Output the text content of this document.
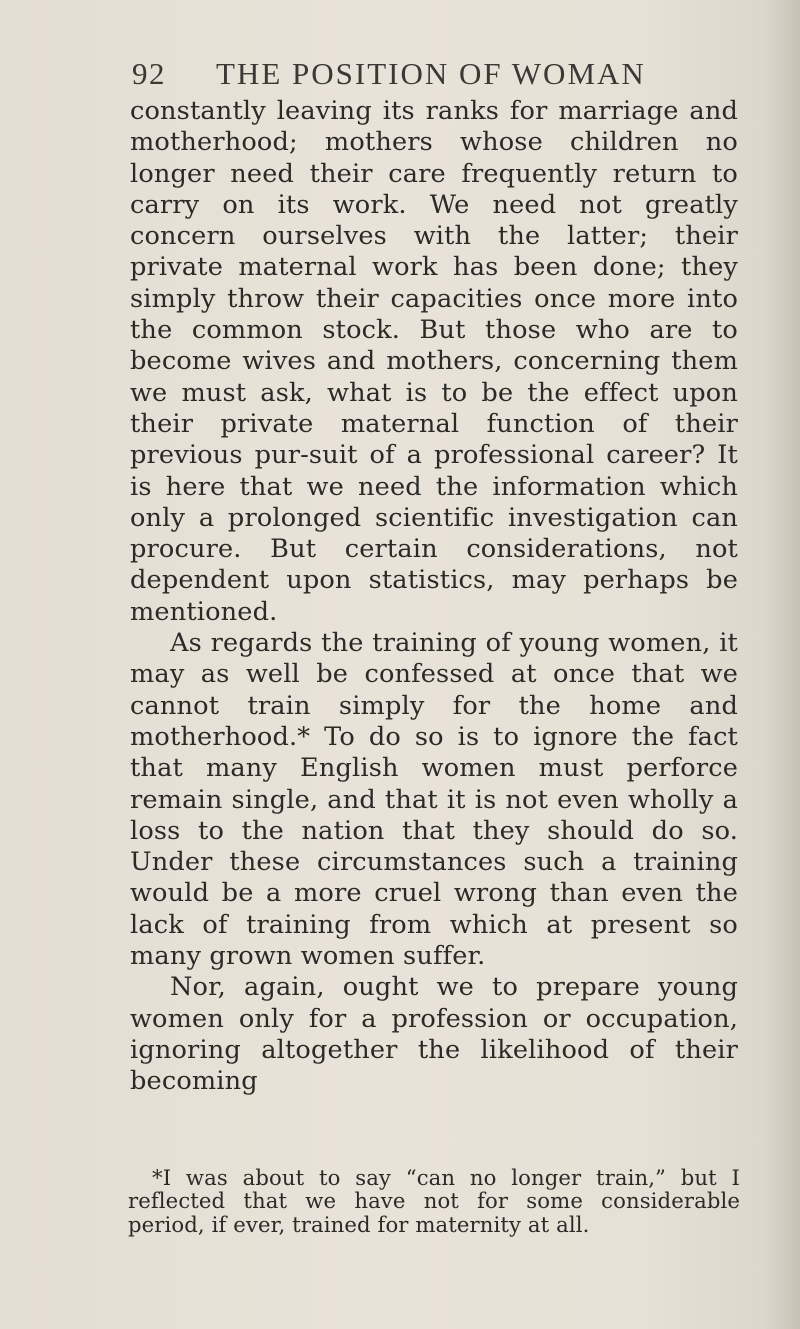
92	THE POSITION OF WOMAN

constantly leaving its ranks for marriage and motherhood; mothers whose children no longer need their care frequently return to carry on its work. We need not greatly concern ourselves with the latter; their private maternal work has been done; they simply throw their capacities once more into the common stock. But those who are to become wives and mothers, concerning them we must ask, what is to be the effect upon their private maternal function of their previous pur-suit of a professional career? It is here that we need the information which only a prolonged scientific investigation can procure. But certain considerations, not dependent upon statistics, may perhaps be mentioned.

As regards the training of young women, it may as well be confessed at once that we cannot train simply for the home and motherhood.* To do so is to ignore the fact that many English women must perforce remain single, and that it is not even wholly a loss to the nation that they should do so. Under these circumstances such a training would be a more cruel wrong than even the lack of training from which at present so many grown women suffer.

Nor, again, ought we to prepare young women only for a profession or occupation, ignoring altogether the likelihood of their becoming

*I was about to say “can no longer train,” but I reflected that we have not for some considerable period, if ever, trained for maternity at all.
